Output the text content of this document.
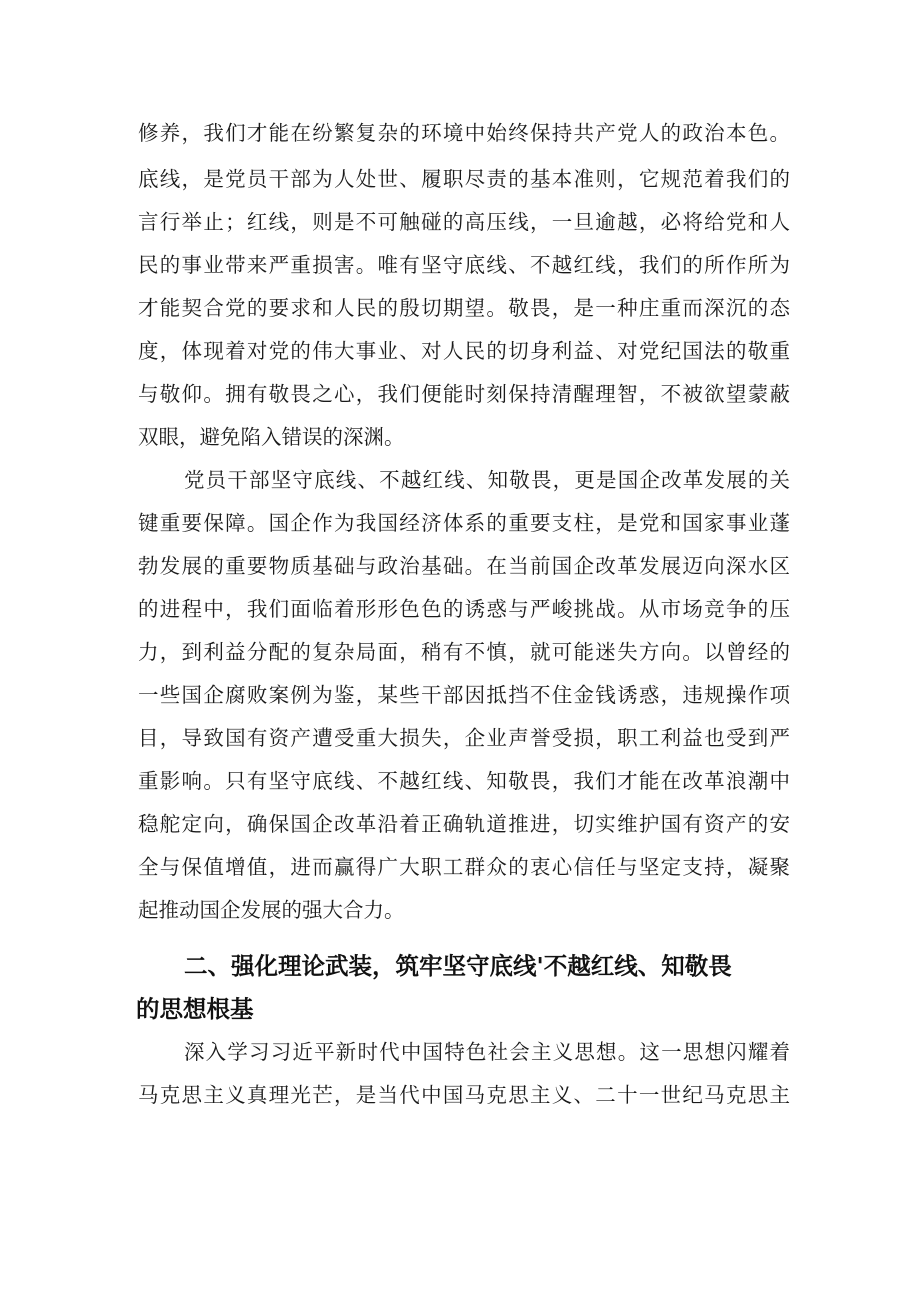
修养，我们才能在纷繁复杂的环境中始终保持共产党人的政治本色。
底线，是党员干部为人处世、履职尽责的基本准则，它规范着我们的
言行举止；红线，则是不可触碰的高压线，一旦逾越，必将给党和人
民的事业带来严重损害。唯有坚守底线、不越红线，我们的所作所为
才能契合党的要求和人民的殷切期望。敬畏，是一种庄重而深沉的态
度，体现着对党的伟大事业、对人民的切身利益、对党纪国法的敬重
与敬仰。拥有敬畏之心，我们便能时刻保持清醒理智，不被欲望蒙蔽
双眼，避免陷入错误的深渊。
党员干部坚守底线、不越红线、知敬畏，更是国企改革发展的关
键重要保障。国企作为我国经济体系的重要支柱，是党和国家事业蓬
勃发展的重要物质基础与政治基础。在当前国企改革发展迈向深水区
的进程中，我们面临着形形色色的诱惑与严峻挑战。从市场竞争的压
力，到利益分配的复杂局面，稍有不慎，就可能迷失方向。以曾经的
一些国企腐败案例为鉴，某些干部因抵挡不住金钱诱惑，违规操作项
目，导致国有资产遭受重大损失，企业声誉受损，职工利益也受到严
重影响。只有坚守底线、不越红线、知敬畏，我们才能在改革浪潮中
稳舵定向，确保国企改革沿着正确轨道推进，切实维护国有资产的安
全与保值增值，进而赢得广大职工群众的衷心信任与坚定支持，凝聚
起推动国企发展的强大合力。
二、强化理论武装，筑牢坚守底线'不越红线、知敬畏
的思想根基
深入学习习近平新时代中国特色社会主义思想。这一思想闪耀着
马克思主义真理光芒，是当代中国马克思主义、二十一世纪马克思主
